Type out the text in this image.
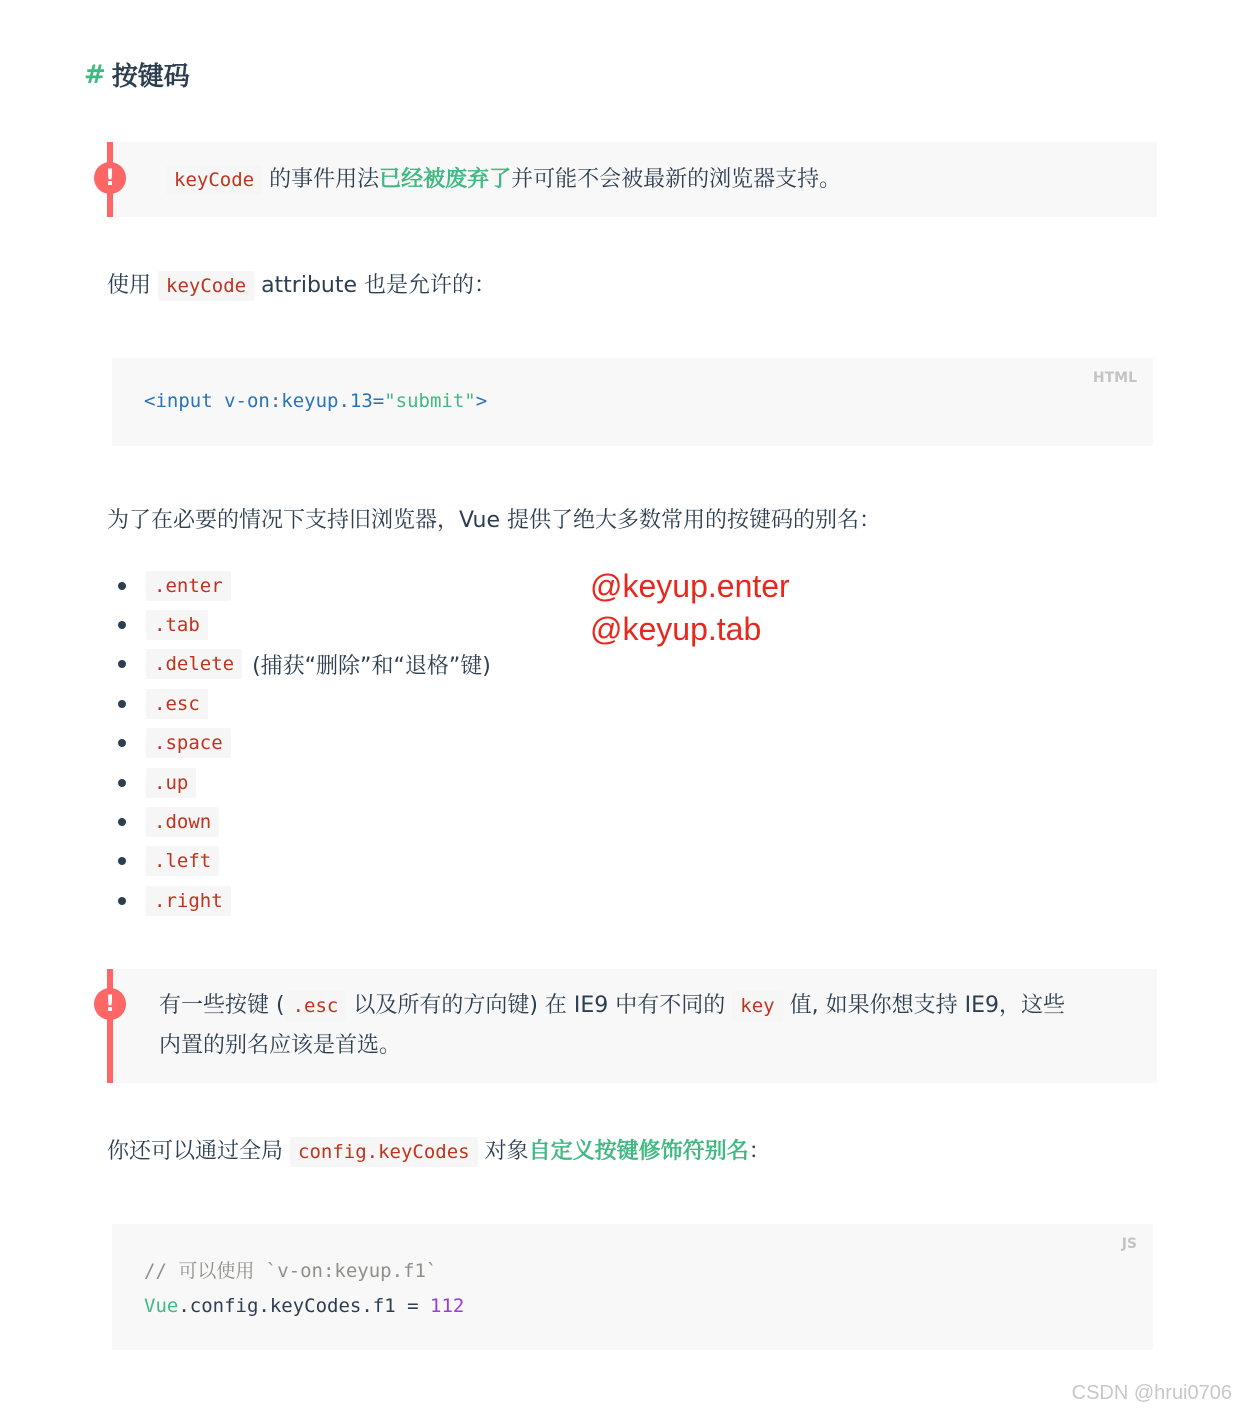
# 按键码
!	keyCode 的事件用法已经被废弃了并可能不会被最新的浏览器支持。
使用 keyCode attribute 也是允许的：
HTML
<input v-on:keyup.13="submit">
为了在必要的情况下支持旧浏览器，Vue 提供了绝大多数常用的按键码的别名：
.enter
.tab
.delete (捕获“删除”和“退格”键)
.esc
.space
.up
.down
.left
.right
@keyup.enter
@keyup.tab
!	有一些按键 ( .esc 以及所有的方向键) 在 IE9 中有不同的 key 值, 如果你想支持 IE9，这些
内置的别名应该是首选。
你还可以通过全局 config.keyCodes 对象自定义按键修饰符别名：
JS
// 可以使用 `v-on:keyup.f1`
Vue.config.keyCodes.f1 = 112
CSDN @hrui0706
